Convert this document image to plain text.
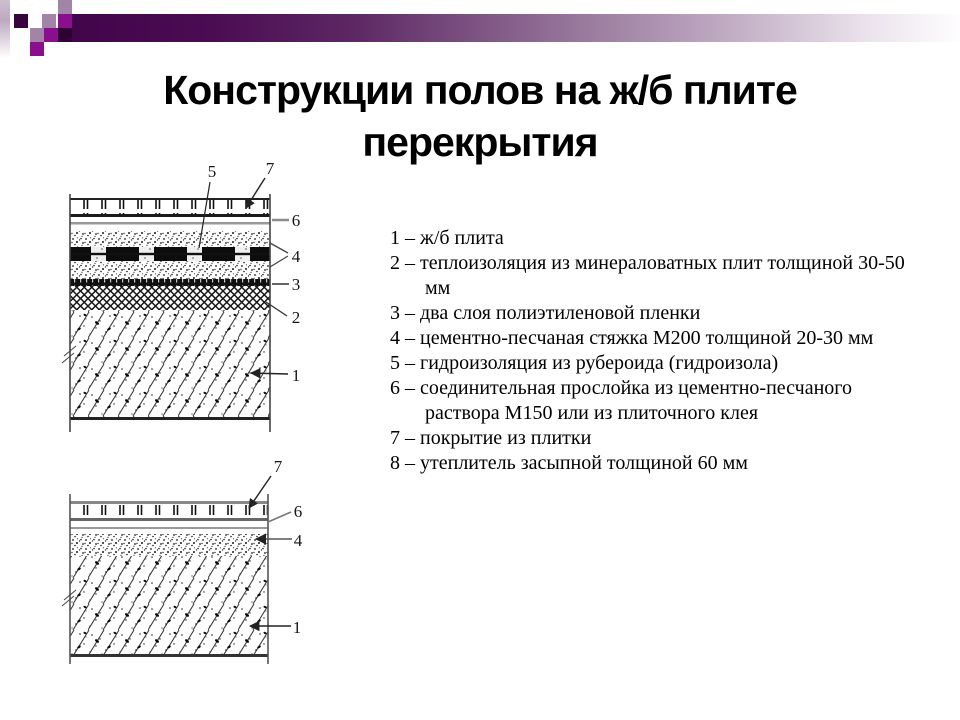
Конструкции полов на ж/б плите
перекрытия
5	7
6
4
3
2
1
7
6
4
1
1 – ж/б плита
2 – теплоизоляция из минераловатных плит толщиной 30-50 мм
3 – два слоя полиэтиленовой пленки
4 – цементно-песчаная стяжка М200 толщиной 20-30 мм
5 – гидроизоляция из рубероида (гидроизола)
6 – соединительная прослойка из цементно-песчаного раствора М150 или из плиточного клея
7 – покрытие из плитки
8 – утеплитель засыпной толщиной 60 мм
